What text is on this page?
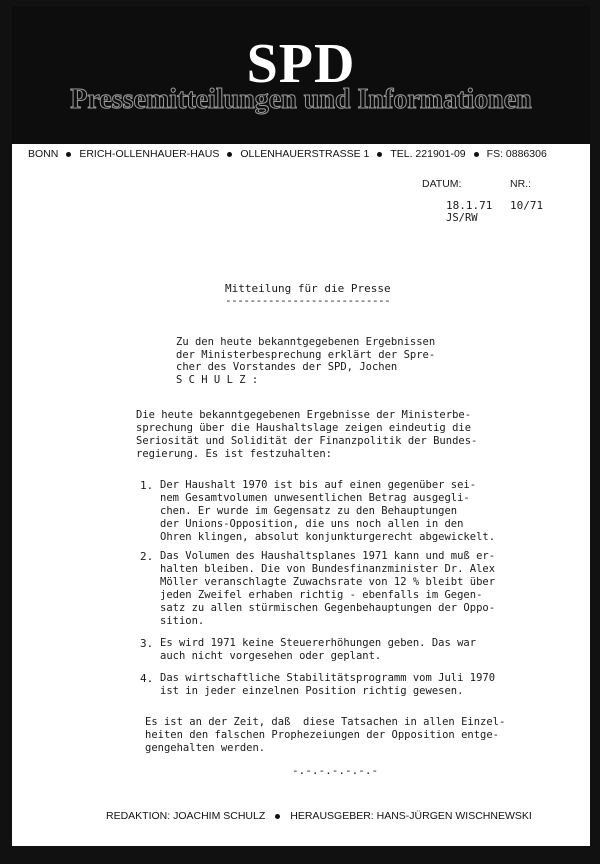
SPD
Pressemitteilungen und Informationen
BONN ERICH-OLLENHAUER-HAUS OLLENHAUERSTRASSE 1 TEL. 221901-09 FS: 0886306
DATUM:	NR.:
18.1.71 10/71
JS/RW
Mitteilung für die Presse
---------------------------
Zu den heute bekanntgegebenen Ergebnissen
der Ministerbesprechung erklärt der Spre-
cher des Vorstandes der SPD, Jochen
S C H U L Z :
Die heute bekanntgegebenen Ergebnisse der Ministerbe-
sprechung über die Haushaltslage zeigen eindeutig die
Seriosität und Solidität der Finanzpolitik der Bundes-
regierung. Es ist festzuhalten:
1. Der Haushalt 1970 ist bis auf einen gegenüber sei-
nem Gesamtvolumen unwesentlichen Betrag ausgegli-
chen. Er wurde im Gegensatz zu den Behauptungen
der Unions-Opposition, die uns noch allen in den
Ohren klingen, absolut konjunkturgerecht abgewickelt.
2. Das Volumen des Haushaltsplanes 1971 kann und muß er-
halten bleiben. Die von Bundesfinanzminister Dr. Alex
Möller veranschlagte Zuwachsrate von 12 % bleibt über
jeden Zweifel erhaben richtig - ebenfalls im Gegen-
satz zu allen stürmischen Gegenbehauptungen der Oppo-
sition.
3. Es wird 1971 keine Steuererhöhungen geben. Das war
auch nicht vorgesehen oder geplant.
4. Das wirtschaftliche Stabilitätsprogramm vom Juli 1970
ist in jeder einzelnen Position richtig gewesen.
Es ist an der Zeit, daß  diese Tatsachen in allen Einzel-
heiten den falschen Prophezeiungen der Opposition entge-
gengehalten werden.
-.-.-.-.-.-.-
REDAKTION: JOACHIM SCHULZ HERAUSGEBER: HANS-JÜRGEN WISCHNEWSKI
